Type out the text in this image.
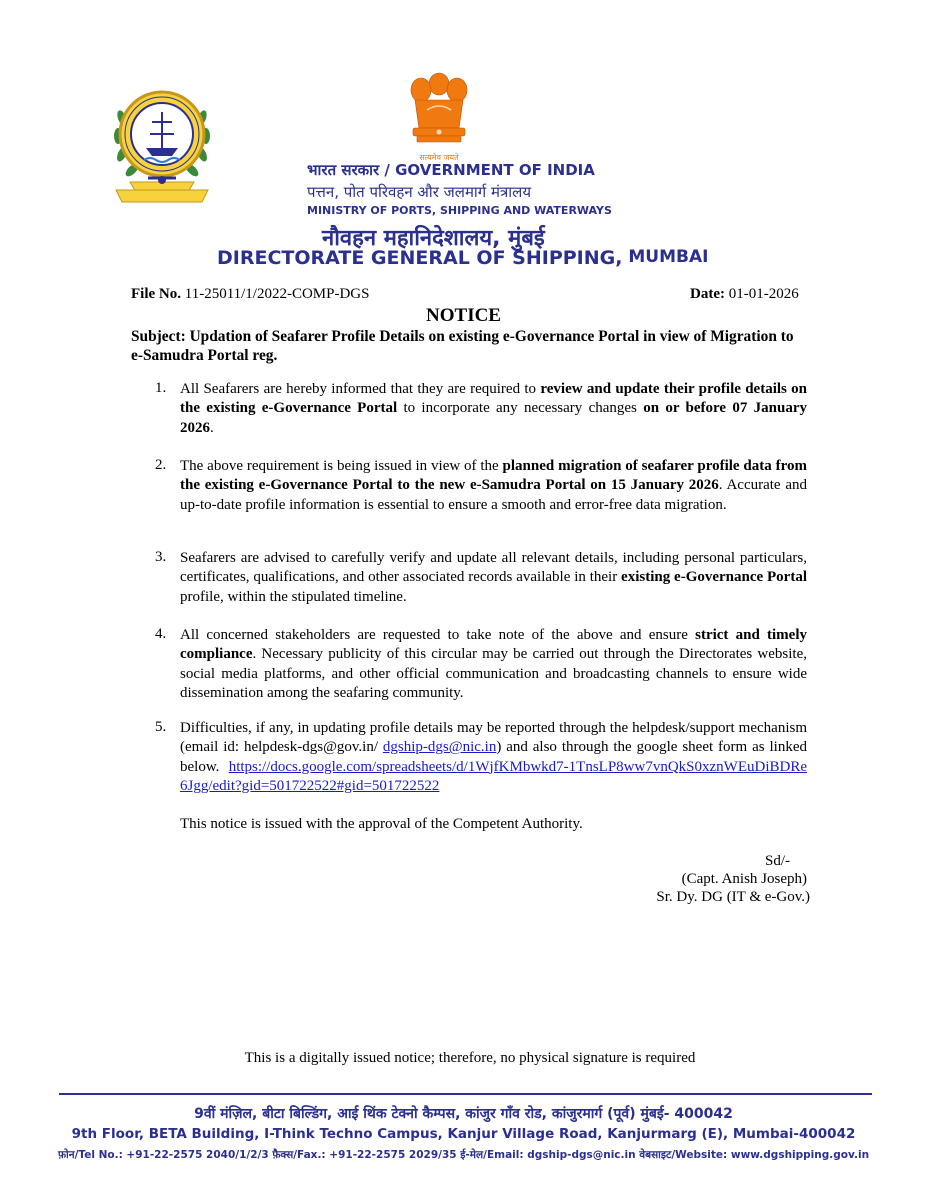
सत्यमेव जयते
भारत सरकार / GOVERNMENT OF INDIA
पत्तन, पोत परिवहन और जलमार्ग मंत्रालय
MINISTRY OF PORTS, SHIPPING AND WATERWAYS
नौवहन महानिदेशालय, मुंबई
DIRECTORATE GENERAL OF SHIPPING, MUMBAI
File No. 11-25011/1/2022-COMP-DGS	Date: 01-01-2026
NOTICE
Subject: Updation of Seafarer Profile Details on existing e-Governance Portal in view of Migration to e-Samudra Portal reg.
1. All Seafarers are hereby informed that they are required to review and update their profile details on the existing e-Governance Portal to incorporate any necessary changes on or before 07 January 2026.
2. The above requirement is being issued in view of the planned migration of seafarer profile data from the existing e-Governance Portal to the new e-Samudra Portal on 15 January 2026. Accurate and up-to-date profile information is essential to ensure a smooth and error-free data migration.
3. Seafarers are advised to carefully verify and update all relevant details, including personal particulars, certificates, qualifications, and other associated records available in their existing e-Governance Portal profile, within the stipulated timeline.
4. All concerned stakeholders are requested to take note of the above and ensure strict and timely compliance. Necessary publicity of this circular may be carried out through the Directorates website, social media platforms, and other official communication and broadcasting channels to ensure wide dissemination among the seafaring community.
5. Difficulties, if any, in updating profile details may be reported through the helpdesk/support mechanism (email id: helpdesk-dgs@gov.in/ dgship-dgs@nic.in) and also through the google sheet form as linked below. https://docs.google.com/spreadsheets/d/1WjfKMbwkd7-1TnsLP8ww7vnQkS0xznWEuDiBDRe6Jgg/edit?gid=501722522#gid=501722522
This notice is issued with the approval of the Competent Authority.
Sd/-
(Capt. Anish Joseph)
Sr. Dy. DG (IT & e-Gov.)
This is a digitally issued notice; therefore, no physical signature is required
9वीं मंज़िल, बीटा बिल्डिंग, आई थिंक टेक्नो कैम्पस, कांजुर गाँव रोड, कांजुरमार्ग (पूर्व) मुंबई- 400042
9th Floor, BETA Building, I-Think Techno Campus, Kanjur Village Road, Kanjurmarg (E), Mumbai-400042
फ़ोन/Tel No.: +91-22-2575 2040/1/2/3 फ़ैक्स/Fax.: +91-22-2575 2029/35 ई-मेल/Email: dgship-dgs@nic.in वेबसाइट/Website: www.dgshipping.gov.in
